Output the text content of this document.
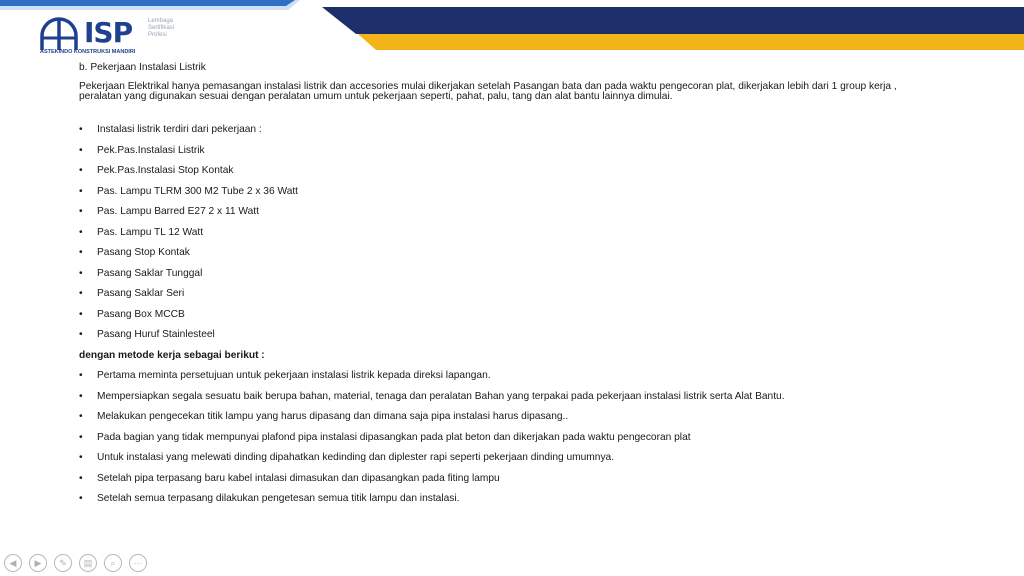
ISP	Lembaga
Sertifikasi
Profesi
ASTEKINDO KONSTRUKSI MANDIRI
b. Pekerjaan Instalasi Listrik
Pekerjaan Elektrikal hanya pemasangan instalasi listrik dan accesories mulai dikerjakan setelah Pasangan bata dan pada waktu pengecoran plat, dikerjakan lebih dari 1 group kerja ,
peralatan yang digunakan sesuai dengan peralatan umum untuk pekerjaan seperti, pahat, palu, tang dan alat bantu lainnya dimulai.
• Instalasi listrik terdiri dari pekerjaan :
• Pek.Pas.Instalasi Listrik
• Pek.Pas.Instalasi Stop Kontak
• Pas. Lampu TLRM 300 M2 Tube 2 x 36 Watt
• Pas. Lampu Barred E27 2 x 11 Watt
• Pas. Lampu TL 12 Watt
• Pasang Stop Kontak
• Pasang Saklar Tunggal
• Pasang Saklar Seri
• Pasang Box MCCB
• Pasang Huruf Stainlesteel
dengan metode kerja sebagai berikut :
• Pertama meminta persetujuan untuk pekerjaan instalasi listrik kepada direksi lapangan.
• Mempersiapkan segala sesuatu baik berupa bahan, material, tenaga dan peralatan Bahan yang terpakai pada pekerjaan instalasi listrik serta Alat Bantu.
• Melakukan pengecekan titik lampu yang harus dipasang dan dimana saja pipa instalasi harus dipasang..
• Pada bagian yang tidak mempunyai plafond pipa instalasi dipasangkan pada plat beton dan dikerjakan pada waktu pengecoran plat
• Untuk instalasi yang melewati dinding dipahatkan kedinding dan diplester rapi seperti pekerjaan dinding umumnya.
• Setelah pipa terpasang baru kabel intalasi dimasukan dan dipasangkan pada fiting lampu
• Setelah semua terpasang dilakukan pengetesan semua titik lampu dan instalasi.
◀	▶	✎	▤	⌕	⋯
